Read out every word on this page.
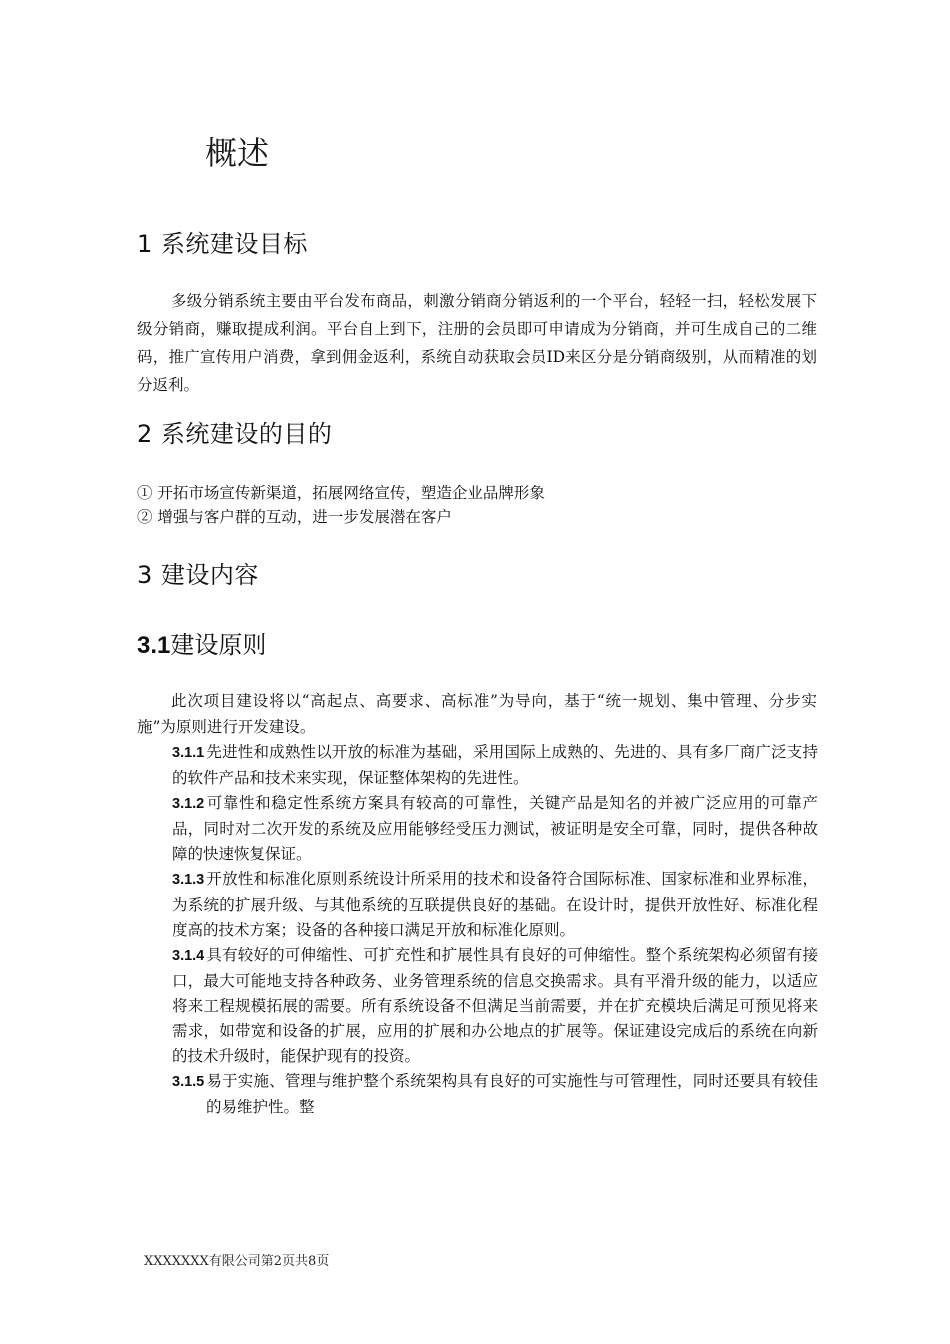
概述
1 系统建设目标

多级分销系统主要由平台发布商品，刺激分销商分销返利的一个平台，轻轻一扫，轻松发展下级分销商，赚取提成利润。平台自上到下，注册的会员即可申请成为分销商，并可生成自己的二维码，推广宣传用户消费，拿到佣金返利，系统自动获取会员ID来区分是分销商级别，从而精准的划分返利。

2 系统建设的目的
① 开拓市场宣传新渠道，拓展网络宣传，塑造企业品牌形象
② 增强与客户群的互动，进一步发展潜在客户
3 建设内容
3.1建设原则

此次项目建设将以“高起点、高要求、高标准”为导向，基于“统一规划、集中管理、分步实施”为原则进行开发建设。

3.1.1 先进性和成熟性以开放的标准为基础，采用国际上成熟的、先进的、具有多厂商广泛支持的软件产品和技术来实现，保证整体架构的先进性。
3.1.2 可靠性和稳定性系统方案具有较高的可靠性，关键产品是知名的并被广泛应用的可靠产品，同时对二次开发的系统及应用能够经受压力测试，被证明是安全可靠，同时，提供各种故障的快速恢复保证。
3.1.3 开放性和标准化原则系统设计所采用的技术和设备符合国际标准、国家标准和业界标准，为系统的扩展升级、与其他系统的互联提供良好的基础。在设计时，提供开放性好、标准化程度高的技术方案；设备的各种接口满足开放和标准化原则。
3.1.4 具有较好的可伸缩性、可扩充性和扩展性具有良好的可伸缩性。整个系统架构必须留有接口，最大可能地支持各种政务、业务管理系统的信息交换需求。具有平滑升级的能力，以适应将来工程规模拓展的需要。所有系统设备不但满足当前需要，并在扩充模块后满足可预见将来需求，如带宽和设备的扩展，应用的扩展和办公地点的扩展等。保证建设完成后的系统在向新的技术升级时，能保护现有的投资。
3.1.5 易于实施、管理与维护整个系统架构具有良好的可实施性与可管理性，同时还要具有较佳的易维护性。整
XXXXXXX有限公司第2页共8页
